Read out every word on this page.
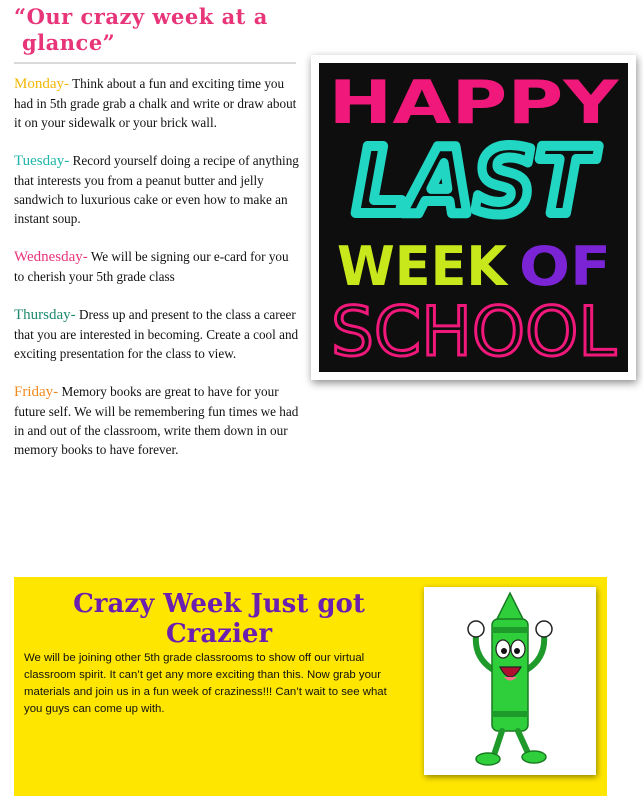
“Our crazy week at a
glance”

Monday- Think about a fun and exciting time you had in 5th grade grab a chalk and write or draw about it on your sidewalk or your brick wall.

Tuesday- Record yourself doing a recipe of anything that interests you from a peanut butter and jelly sandwich to luxurious cake or even how to make an instant soup.

Wednesday- We will be signing our e-card for you to cherish your 5th grade class

Thursday- Dress up and present to the class a career that you are interested in becoming. Create a cool and exciting presentation for the class to view.

Friday- Memory books are great to have for your future self. We will be remembering fun times we had in and out of the classroom, write them down in our memory books to have forever.

HAPPY
LAST
WEEK OF
SCHOOL
Crazy Week Just got
Crazier
We will be joining other 5th grade classrooms to show off our virtual classroom spirit. It can’t get any more exciting than this. Now grab your materials and join us in a fun week of craziness!!! Can’t wait to see what you guys can come up with.
